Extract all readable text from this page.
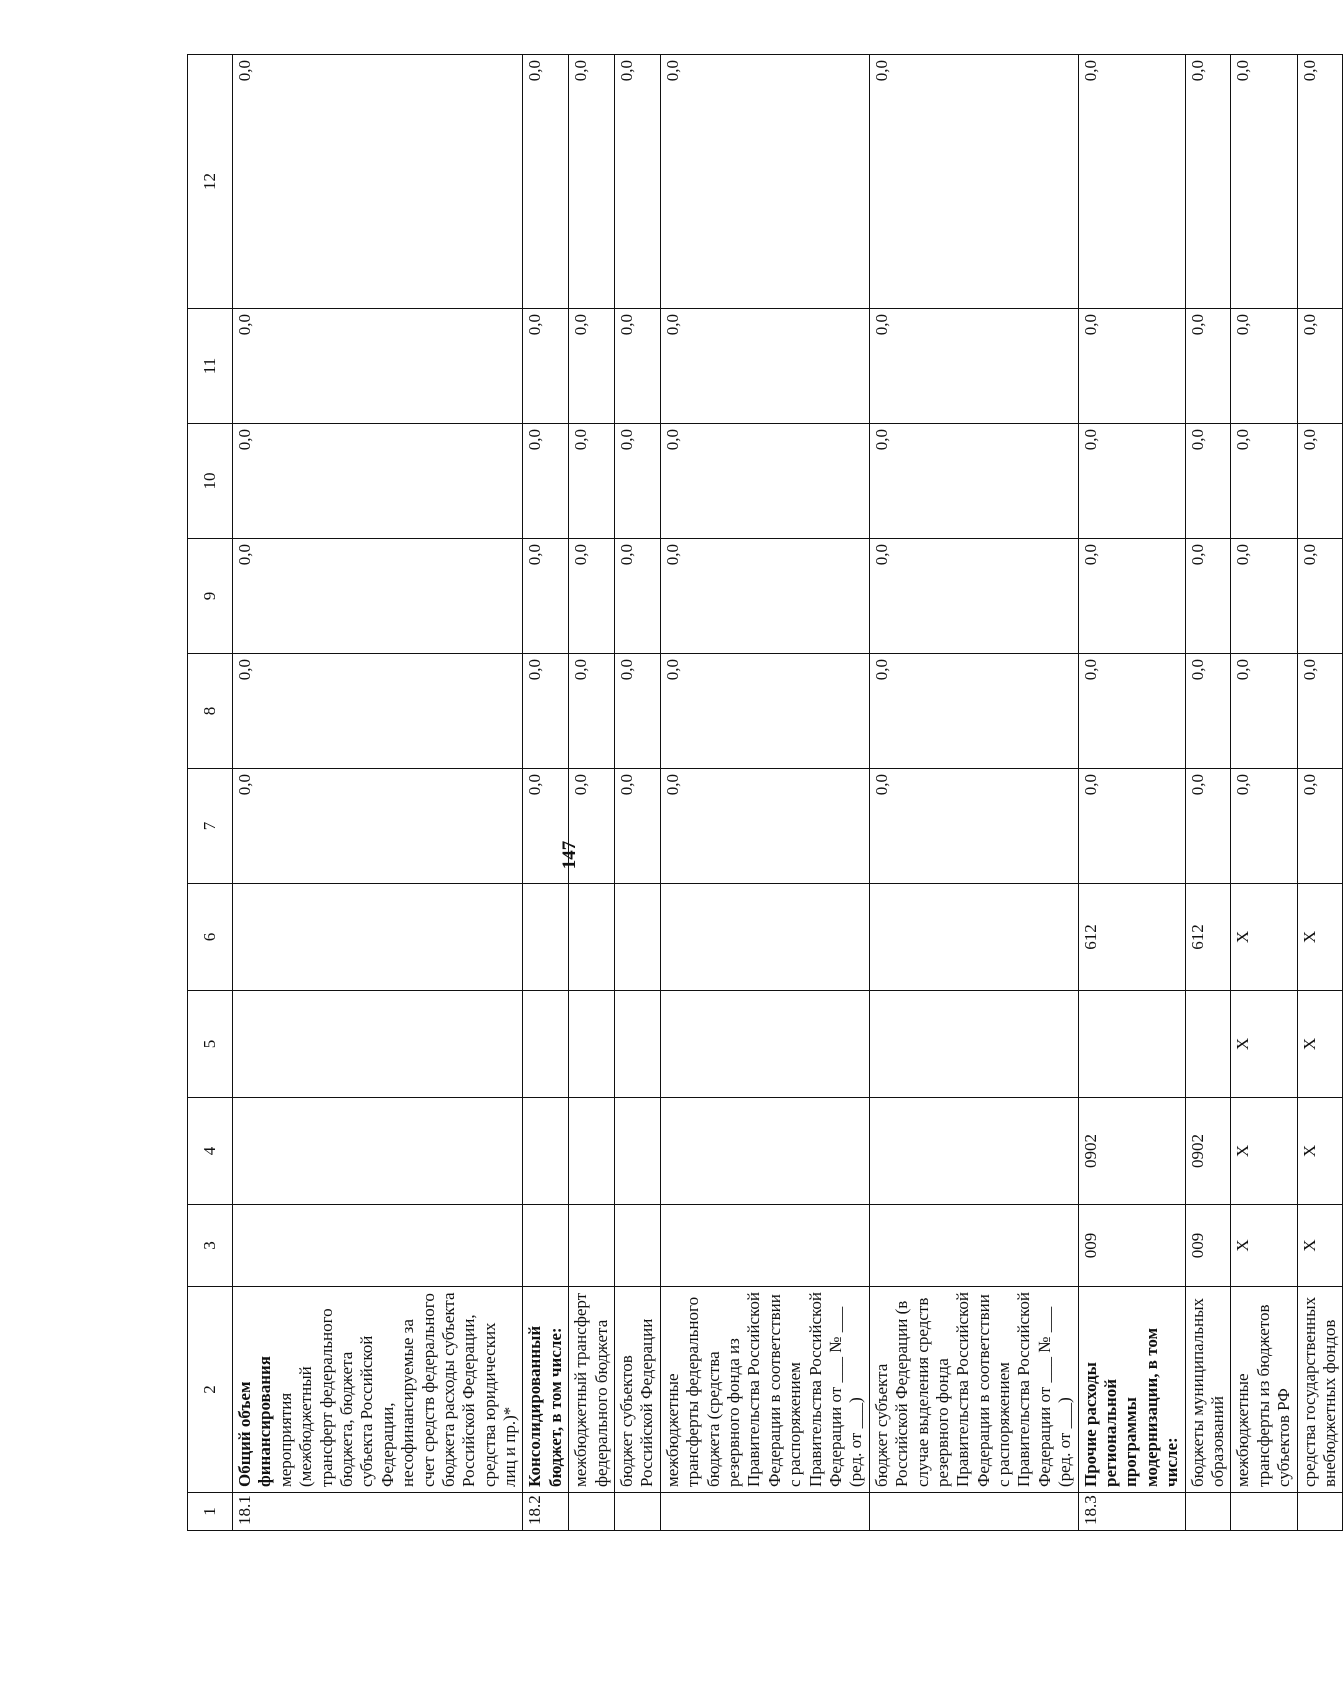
147
1	2	3	4	5	6	7	8	9	10	11	12
18.1	Общий объем финансирования мероприятия (межбюджетный трансферт федерального бюджета, бюджета субъекта Российской Федерации, несофинансируемые за счет средств федерального бюджета расходы субъекта Российской Федерации, средства юридических лиц и пр.)*					0,0	0,0	0,0	0,0	0,0	0,0
18.2	Консолидированный бюджет, в том числе:					0,0	0,0	0,0	0,0	0,0	0,0
	межбюджетный трансферт федерального бюджета					0,0	0,0	0,0	0,0	0,0	0,0
	бюджет субъектов Российской Федерации					0,0	0,0	0,0	0,0	0,0	0,0
	межбюджетные трансферты федерального бюджета (средства резервного фонда из Правительства Российской Федерации в соответствии с распоряжением Правительства Российской Федерации от ___ № ___ (ред. от ___)					0,0	0,0	0,0	0,0	0,0	0,0
	бюджет субъекта Российской Федерации (в случае выделения средств резервного фонда Правительства Российской Федерации в соответствии с распоряжением Правительства Российской Федерации от ___ № ___ (ред. от ___)					0,0	0,0	0,0	0,0	0,0	0,0
18.3	Прочие расходы региональной программы модернизации, в том числе:	009	0902		612	0,0	0,0	0,0	0,0	0,0	0,0
	бюджеты муниципальных образований	009	0902		612	0,0	0,0	0,0	0,0	0,0	0,0
	межбюджетные трансферты из бюджетов субъектов РФ	X	X	X	X	0,0	0,0	0,0	0,0	0,0	0,0
	средства государственных внебюджетных фондов	X	X	X	X	0,0	0,0	0,0	0,0	0,0	0,0
